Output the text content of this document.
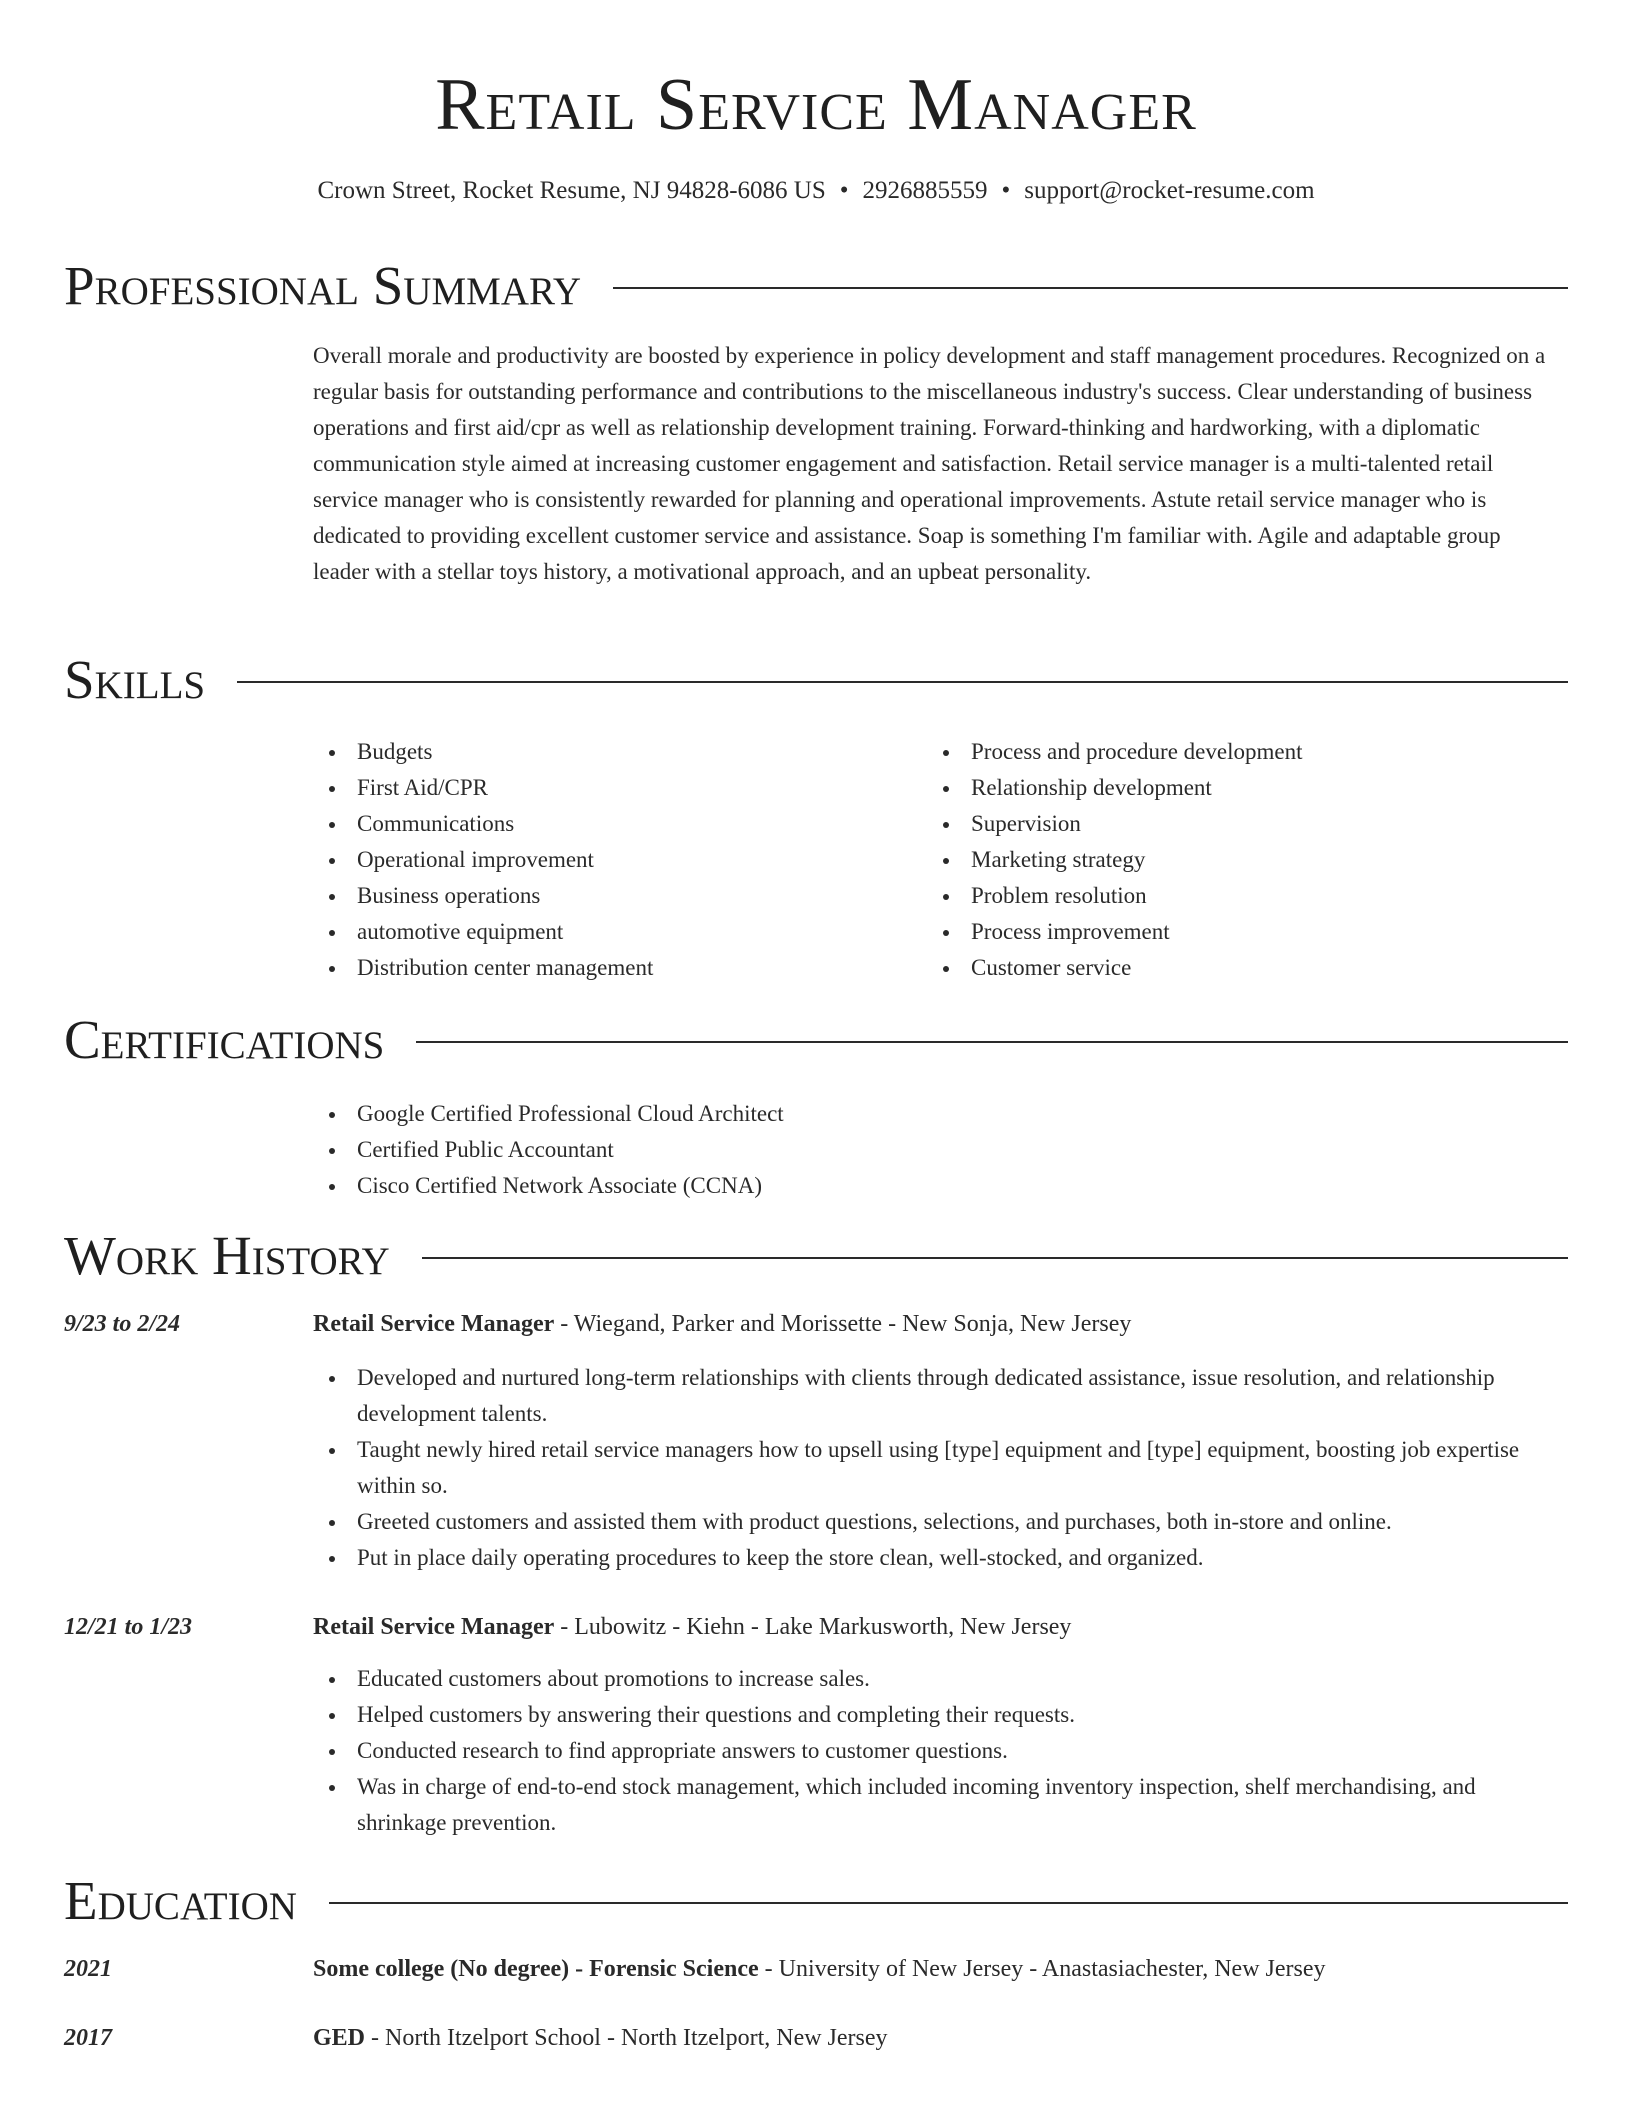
Retail Service Manager
Crown Street, Rocket Resume, NJ 94828-6086 US • 2926885559 • support@rocket-resume.com
Professional Summary
Overall morale and productivity are boosted by experience in policy development and staff management procedures. Recognized on a regular basis for outstanding performance and contributions to the miscellaneous industry's success. Clear understanding of business operations and first aid/cpr as well as relationship development training. Forward-thinking and hardworking, with a diplomatic communication style aimed at increasing customer engagement and satisfaction. Retail service manager is a multi-talented retail service manager who is consistently rewarded for planning and operational improvements. Astute retail service manager who is dedicated to providing excellent customer service and assistance. Soap is something I'm familiar with. Agile and adaptable group leader with a stellar toys history, a motivational approach, and an upbeat personality.
Skills
Budgets
First Aid/CPR
Communications
Operational improvement
Business operations
automotive equipment
Distribution center management
Process and procedure development
Relationship development
Supervision
Marketing strategy
Problem resolution
Process improvement
Customer service
Certifications
Google Certified Professional Cloud Architect
Certified Public Accountant
Cisco Certified Network Associate (CCNA)
Work History
9/23 to 2/24	Retail Service Manager - Wiegand, Parker and Morissette - New Sonja, New Jersey
Developed and nurtured long-term relationships with clients through dedicated assistance, issue resolution, and relationship development talents.
Taught newly hired retail service managers how to upsell using [type] equipment and [type] equipment, boosting job expertise within so.
Greeted customers and assisted them with product questions, selections, and purchases, both in-store and online.
Put in place daily operating procedures to keep the store clean, well-stocked, and organized.
12/21 to 1/23	Retail Service Manager - Lubowitz - Kiehn - Lake Markusworth, New Jersey
Educated customers about promotions to increase sales.
Helped customers by answering their questions and completing their requests.
Conducted research to find appropriate answers to customer questions.
Was in charge of end-to-end stock management, which included incoming inventory inspection, shelf merchandising, and shrinkage prevention.
Education
2021	Some college (No degree) - Forensic Science - University of New Jersey - Anastasiachester, New Jersey
2017	GED - North Itzelport School - North Itzelport, New Jersey
